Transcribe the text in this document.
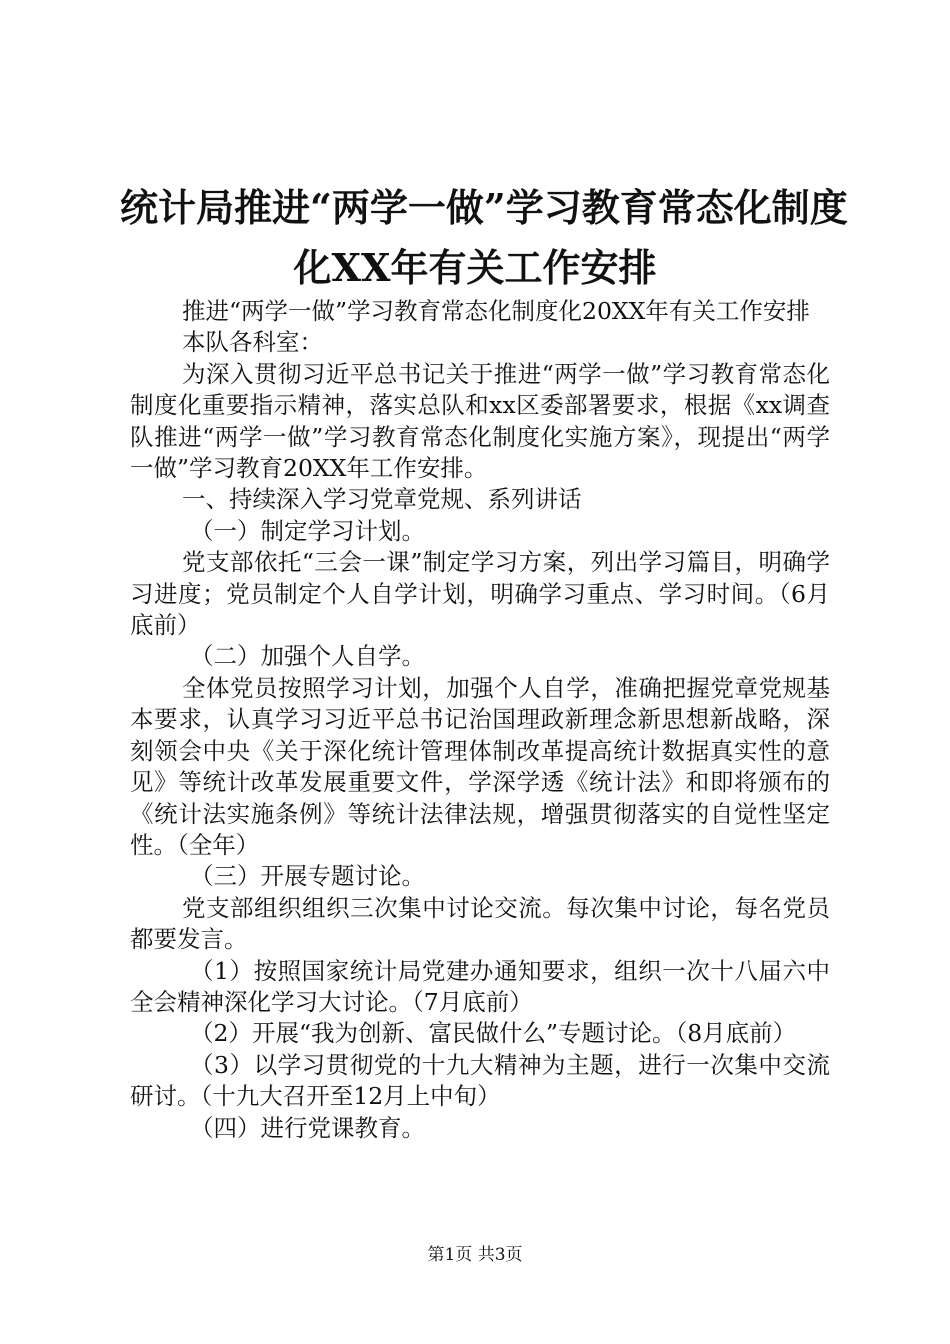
统计局推进“两学一做”学习教育常态化制度
化XX年有关工作安排

推进“两学一做”学习教育常态化制度化20XX年有关工作安排

本队各科室：

为深入贯彻习近平总书记关于推进“两学一做”学习教育常态化制度化重要指示精神，落实总队和xx区委部署要求，根据《xx调查队推进“两学一做”学习教育常态化制度化实施方案》，现提出“两学一做”学习教育20XX年工作安排。

一、持续深入学习党章党规、系列讲话

（一）制定学习计划。

党支部依托“三会一课”制定学习方案，列出学习篇目，明确学习进度；党员制定个人自学计划，明确学习重点、学习时间。（6月底前）

（二）加强个人自学。

全体党员按照学习计划，加强个人自学，准确把握党章党规基本要求，认真学习习近平总书记治国理政新理念新思想新战略，深刻领会中央《关于深化统计管理体制改革提高统计数据真实性的意见》等统计改革发展重要文件，学深学透《统计法》和即将颁布的《统计法实施条例》等统计法律法规，增强贯彻落实的自觉性坚定性。（全年）

（三）开展专题讨论。

党支部组织组织三次集中讨论交流。每次集中讨论，每名党员都要发言。

（1）按照国家统计局党建办通知要求，组织一次十八届六中全会精神深化学习大讨论。（7月底前）

（2）开展“我为创新、富民做什么”专题讨论。（8月底前）

（3）以学习贯彻党的十九大精神为主题，进行一次集中交流研讨。（十九大召开至12月上中旬）

（四）进行党课教育。

第1页 共3页
